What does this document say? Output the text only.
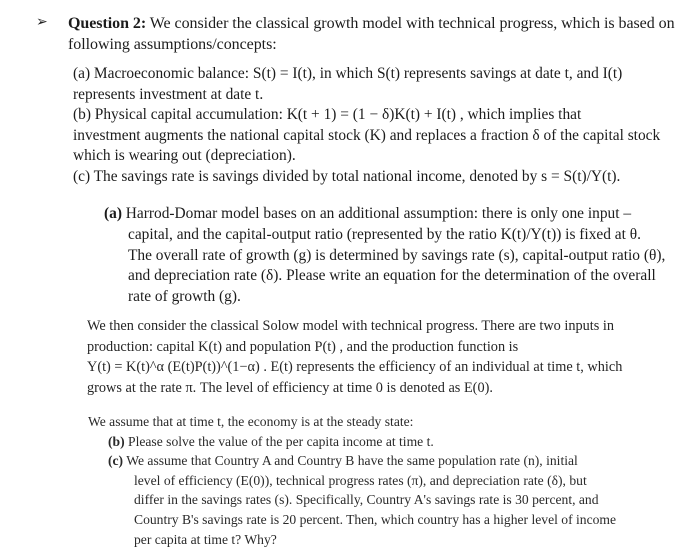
➢ Question 2: We consider the classical growth model with technical progress, which is based on

following assumptions/concepts:

(a) Macroeconomic balance: S(t) = I(t), in which S(t) represents savings at date t, and I(t)

represents investment at date t.

(b) Physical capital accumulation: K(t + 1) = (1 − δ)K(t) + I(t) , which implies that

investment augments the national capital stock (K) and replaces a fraction δ of the capital stock

which is wearing out (depreciation).

(c) The savings rate is savings divided by total national income, denoted by s = S(t)/Y(t).

(a) Harrod-Domar model bases on an additional assumption: there is only one input –

capital, and the capital-output ratio (represented by the ratio K(t)/Y(t)) is fixed at θ.

The overall rate of growth (g) is determined by savings rate (s), capital-output ratio (θ),

and depreciation rate (δ). Please write an equation for the determination of the overall

rate of growth (g).

We then consider the classical Solow model with technical progress. There are two inputs in

production: capital K(t) and population P(t) , and the production function is

Y(t) = K(t)^α (E(t)P(t))^(1−α) . E(t) represents the efficiency of an individual at time t, which

grows at the rate π. The level of efficiency at time 0 is denoted as E(0).

We assume that at time t, the economy is at the steady state:

(b) Please solve the value of the per capita income at time t.

(c) We assume that Country A and Country B have the same population rate (n), initial

level of efficiency (E(0)), technical progress rates (π), and depreciation rate (δ), but

differ in the savings rates (s). Specifically, Country A's savings rate is 30 percent, and

Country B's savings rate is 20 percent. Then, which country has a higher level of income

per capita at time t? Why?
